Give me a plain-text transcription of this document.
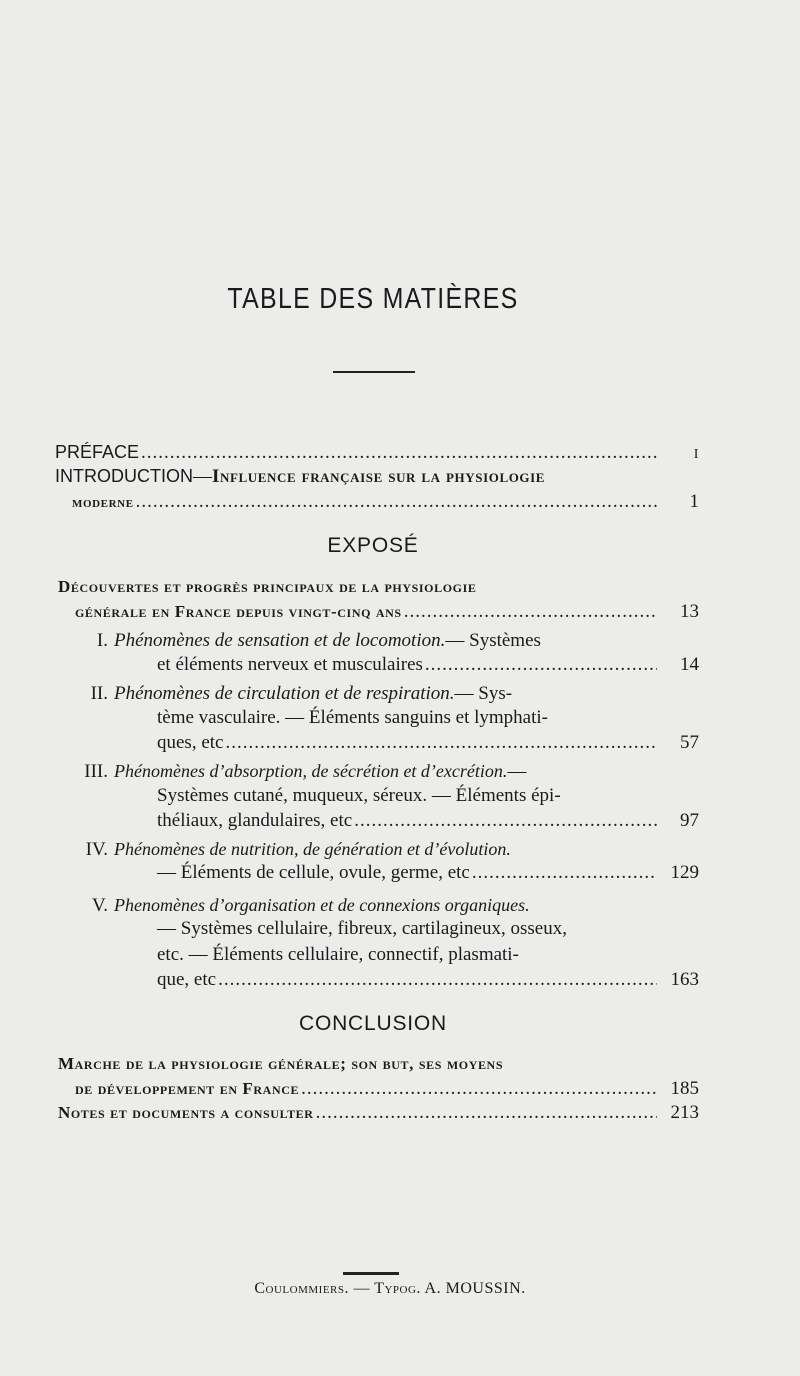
TABLE DES MATIÈRES
PRÉFACE .....	I
INTRODUCTION — Influence française sur la physiologie
moderne .....	1
EXPOSÉ
Découvertes et progrès principaux de la physiologie
générale en France depuis vingt-cinq ans .....	13
I. Phénomènes de sensation et de locomotion. — Systèmes
et éléments nerveux et musculaires .....	14
II. Phénomènes de circulation et de respiration. — Sys-
tème vasculaire. — Éléments sanguins et lymphati-
ques, etc .....	57
III. Phénomènes d’absorption, de sécrétion et d’excrétion. —
Systèmes cutané, muqueux, séreux. — Éléments épi-
théliaux, glandulaires, etc .....	97
IV. Phénomènes de nutrition, de génération et d’évolution.
— Éléments de cellule, ovule, germe, etc .....	129
V. Phenomènes d’organisation et de connexions organiques.
— Systèmes cellulaire, fibreux, cartilagineux, osseux,
etc. — Éléments cellulaire, connectif, plasmati-
que, etc .....	163
CONCLUSION
Marche de la physiologie générale; son but, ses moyens
de développement en France .....	185
Notes et documents a consulter .....	213
Coulommiers. — Typog. A. MOUSSIN.
